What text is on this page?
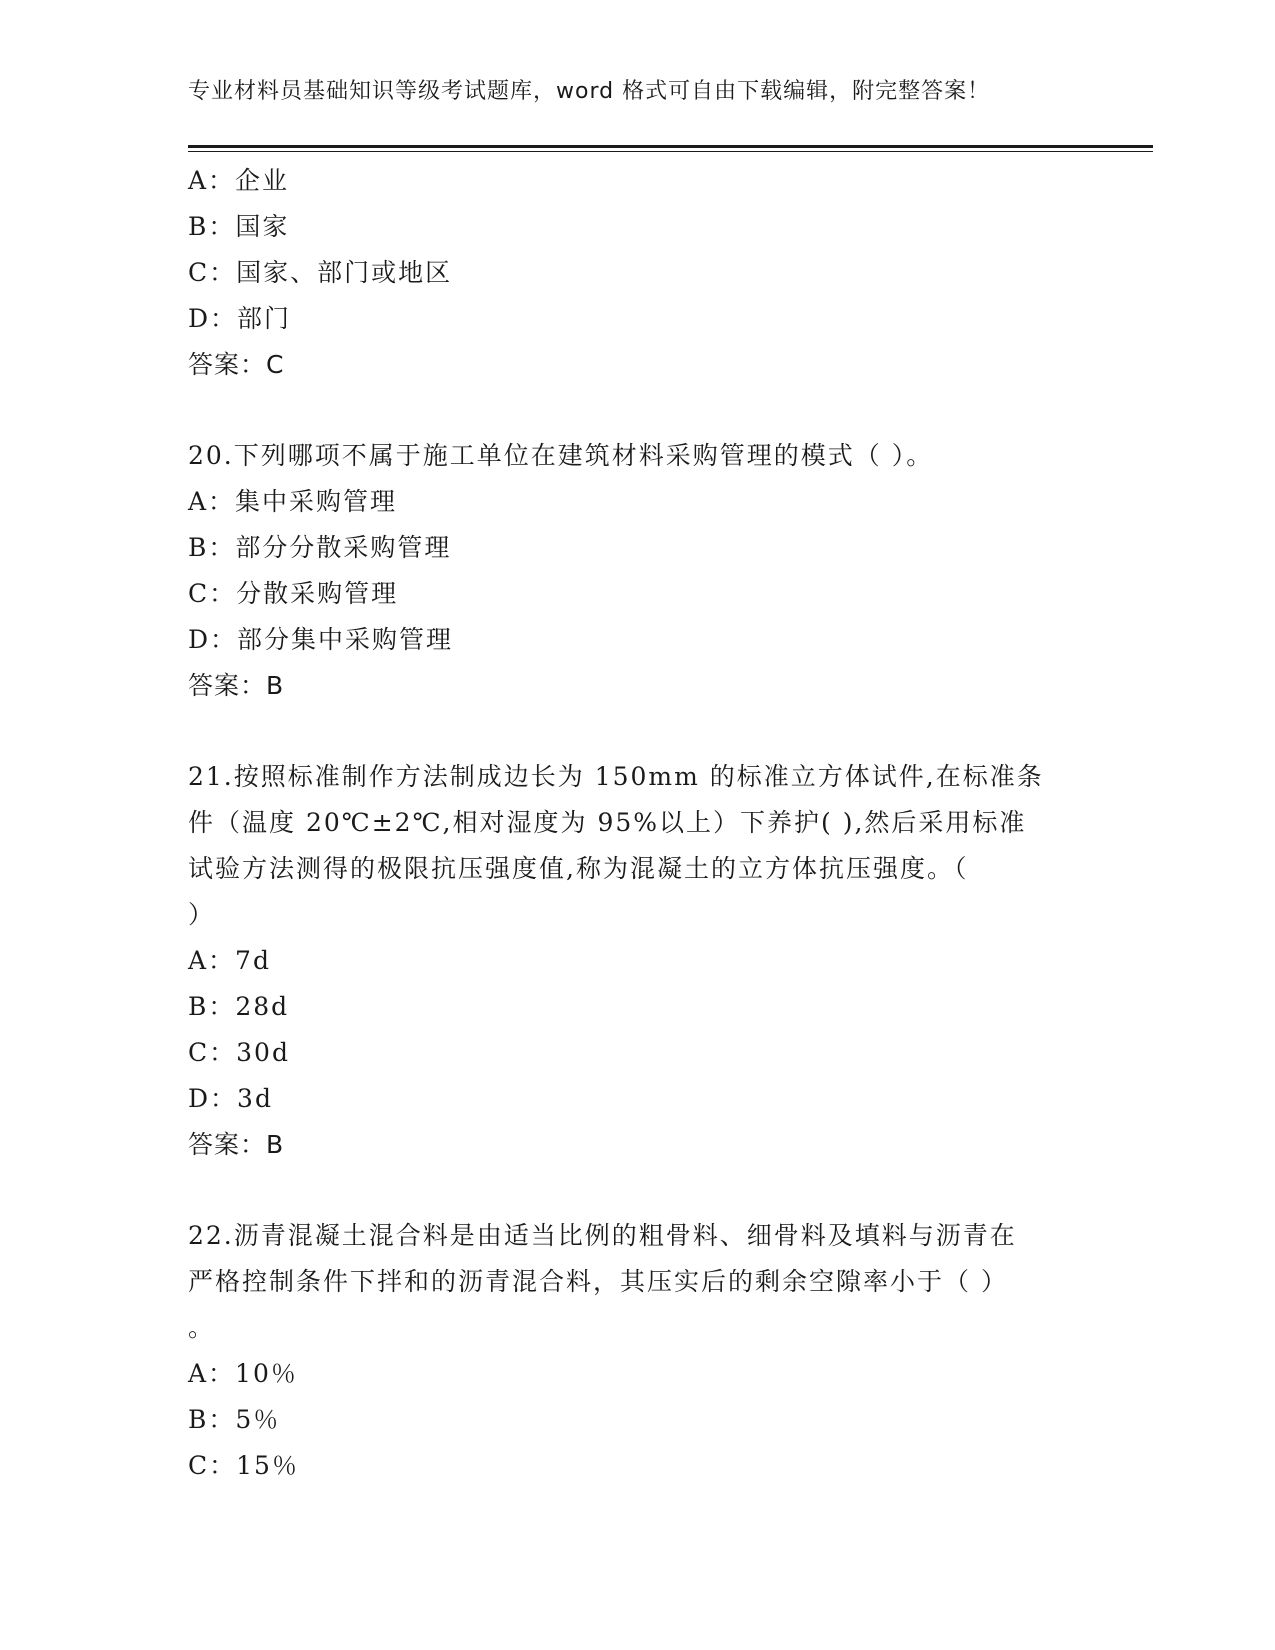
专业材料员基础知识等级考试题库，word 格式可自由下载编辑，附完整答案！
A：企业
B：国家
C：国家、部门或地区
D：部门
答案：C
20.下列哪项不属于施工单位在建筑材料采购管理的模式（ ）。
A：集中采购管理
B：部分分散采购管理
C：分散采购管理
D：部分集中采购管理
答案：B
21.按照标准制作方法制成边长为 150mm 的标准立方体试件,在标准条
件（温度 20℃±2℃,相对湿度为 95%以上）下养护( ),然后采用标准
试验方法测得的极限抗压强度值,称为混凝土的立方体抗压强度。（
）
A：7d
B：28d
C：30d
D：3d
答案：B
22.沥青混凝土混合料是由适当比例的粗骨料、细骨料及填料与沥青在
严格控制条件下拌和的沥青混合料，其压实后的剩余空隙率小于（ ）
。
A：10％
B：5％
C：15％
